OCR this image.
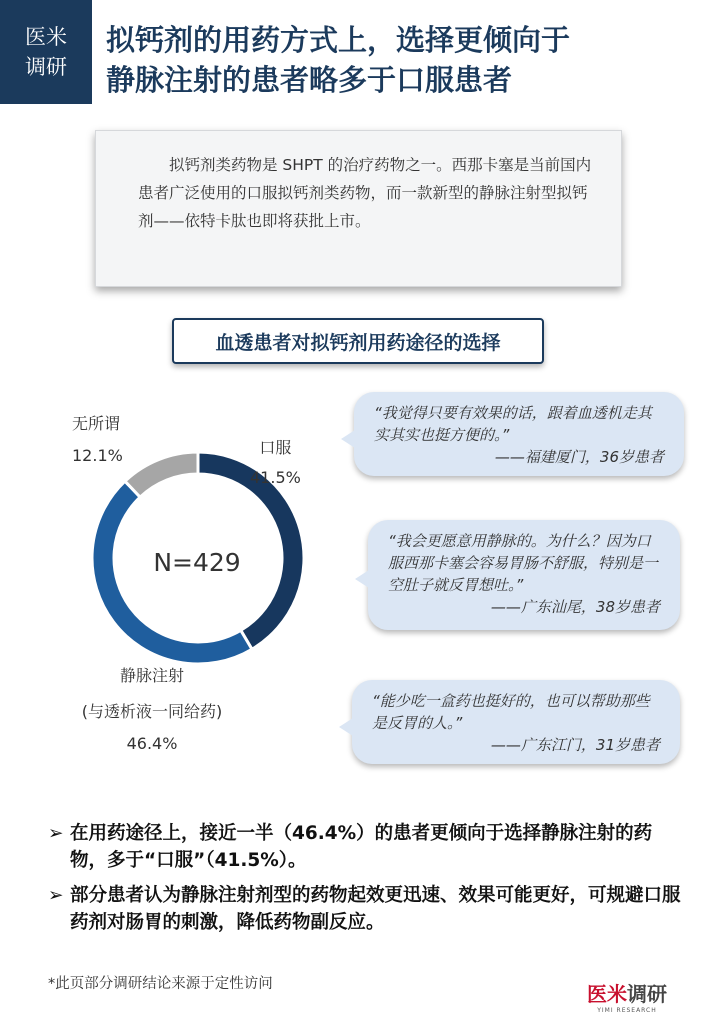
医米
调研
拟钙剂的用药方式上，选择更倾向于
静脉注射的患者略多于口服患者
拟钙剂类药物是 SHPT 的治疗药物之一。西那卡塞是当前国内患者广泛使用的口服拟钙剂类药物，而一款新型的静脉注射型拟钙剂——依特卡肽也即将获批上市。
血透患者对拟钙剂用药途径的选择
N=429
无所谓
12.1%	口服
41.5%
静脉注射
(与透析液一同给药)
46.4%
“我觉得只要有效果的话，跟着血透机走其实其实也挺方便的。”
——福建厦门，36岁患者
“我会更愿意用静脉的。为什么？因为口服西那卡塞会容易胃肠不舒服，特别是一空肚子就反胃想吐。”
——广东汕尾，38岁患者
“能少吃一盒药也挺好的，也可以帮助那些是反胃的人。”
——广东江门，31岁患者
➢ 在用药途径上，接近一半（46.4%）的患者更倾向于选择静脉注射的药物，多于“口服”（41.5%）。
➢ 部分患者认为静脉注射剂型的药物起效更迅速、效果可能更好，可规避口服药剂对肠胃的刺激，降低药物副反应。
*此页部分调研结论来源于定性访问	医米调研
YIMI RESEARCH
